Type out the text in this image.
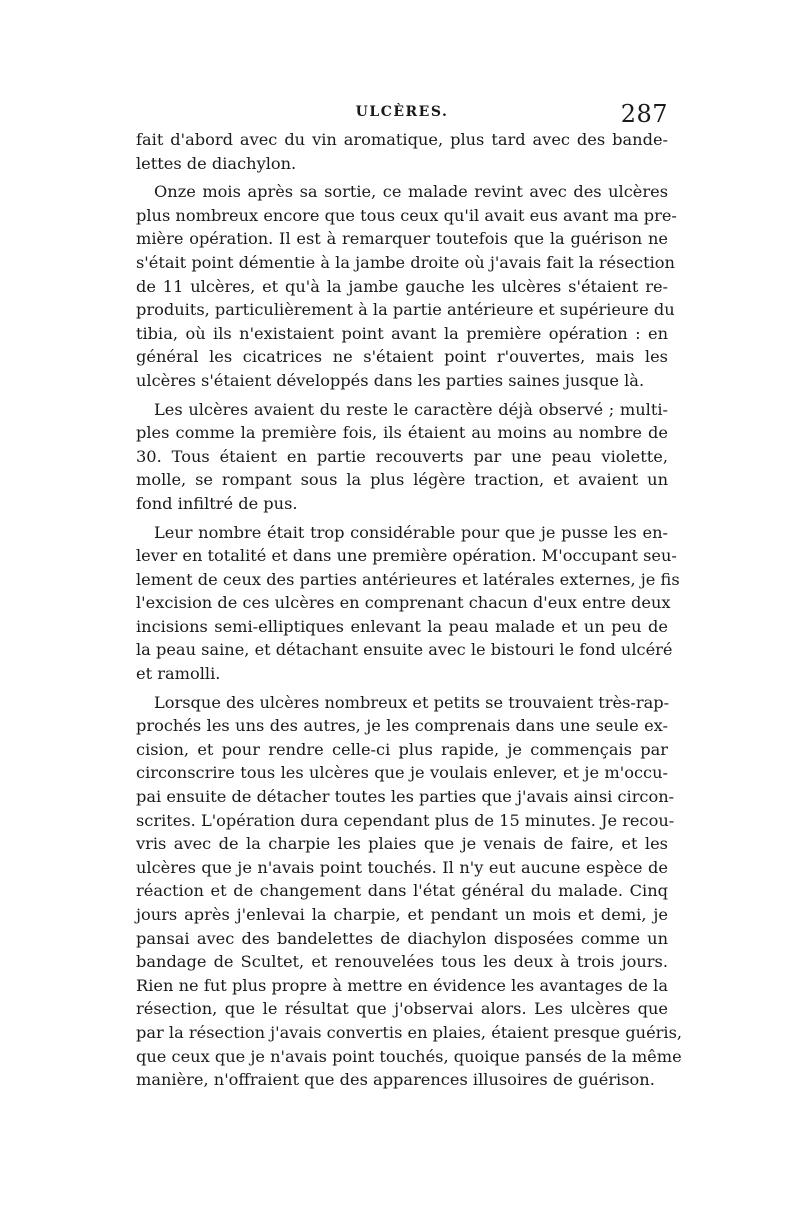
ULCÈRES.	287

fait d'abord avec du vin aromatique, plus tard avec des bande-
lettes de diachylon.

Onze mois après sa sortie, ce malade revint avec des ulcères
plus nombreux encore que tous ceux qu'il avait eus avant ma pre-
mière opération. Il est à remarquer toutefois que la guérison ne
s'était point démentie à la jambe droite où j'avais fait la résection
de 11 ulcères, et qu'à la jambe gauche les ulcères s'étaient re-
produits, particulièrement à la partie antérieure et supérieure du
tibia, où ils n'existaient point avant la première opération : en
général les cicatrices ne s'étaient point r'ouvertes, mais les
ulcères s'étaient développés dans les parties saines jusque là.

Les ulcères avaient du reste le caractère déjà observé ; multi-
ples comme la première fois, ils étaient au moins au nombre de
30. Tous étaient en partie recouverts par une peau violette,
molle, se rompant sous la plus légère traction, et avaient un
fond infiltré de pus.

Leur nombre était trop considérable pour que je pusse les en-
lever en totalité et dans une première opération. M'occupant seu-
lement de ceux des parties antérieures et latérales externes, je fis
l'excision de ces ulcères en comprenant chacun d'eux entre deux
incisions semi-elliptiques enlevant la peau malade et un peu de
la peau saine, et détachant ensuite avec le bistouri le fond ulcéré
et ramolli.

Lorsque des ulcères nombreux et petits se trouvaient très-rap-
prochés les uns des autres, je les comprenais dans une seule ex-
cision, et pour rendre celle-ci plus rapide, je commençais par
circonscrire tous les ulcères que je voulais enlever, et je m'occu-
pai ensuite de détacher toutes les parties que j'avais ainsi circon-
scrites. L'opération dura cependant plus de 15 minutes. Je recou-
vris avec de la charpie les plaies que je venais de faire, et les
ulcères que je n'avais point touchés. Il n'y eut aucune espèce de
réaction et de changement dans l'état général du malade. Cinq
jours après j'enlevai la charpie, et pendant un mois et demi, je
pansai avec des bandelettes de diachylon disposées comme un
bandage de Scultet, et renouvelées tous les deux à trois jours.
Rien ne fut plus propre à mettre en évidence les avantages de la
résection, que le résultat que j'observai alors. Les ulcères que
par la résection j'avais convertis en plaies, étaient presque guéris,
que ceux que je n'avais point touchés, quoique pansés de la même
manière, n'offraient que des apparences illusoires de guérison.
